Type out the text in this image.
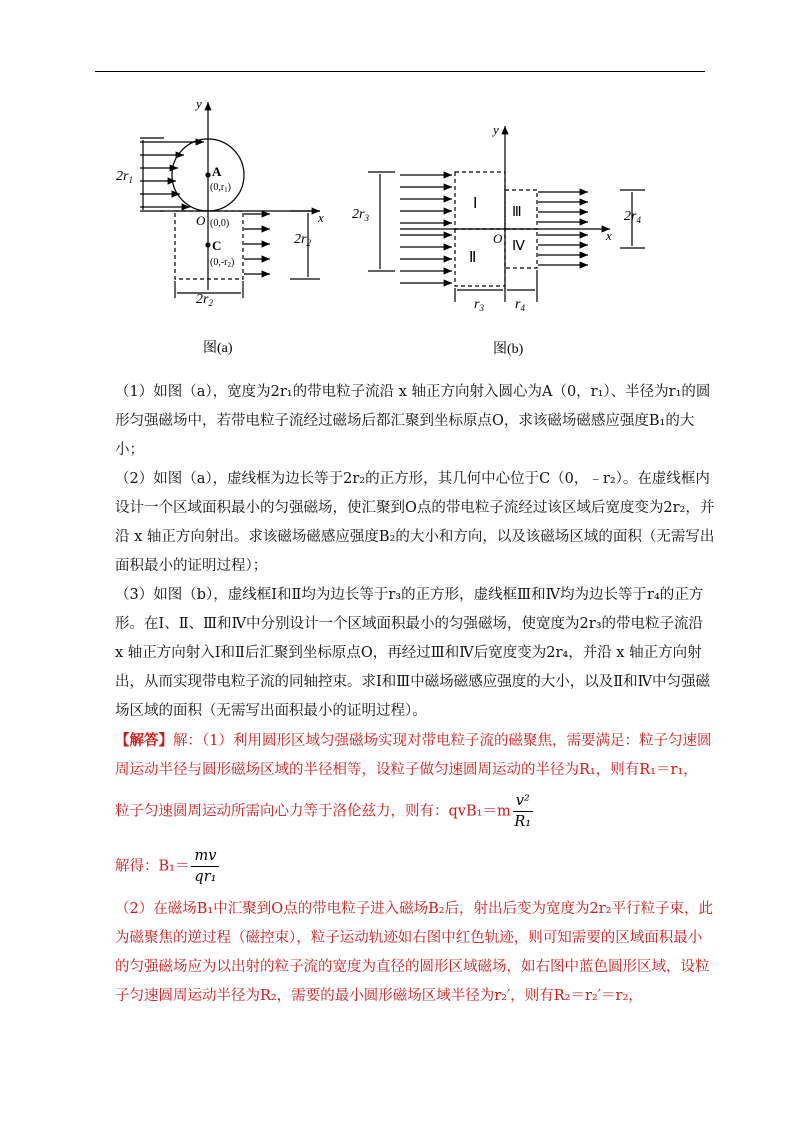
y
x
$2r_1$
A
$(0,r_1)$
O (0,0)
C
$(0,-r_2)$
$2r_2$
$2r_2$
图(a)
y
x
$2r_3$
Ⅰ
Ⅱ
Ⅲ
Ⅳ
O
$2r_4$
$r_3$ $r_4$
图(b)

（1）如图（a），宽度为2r₁的带电粒子流沿 x 轴正方向射入圆心为A（0，r₁）、半径为r₁的圆形匀强磁场中，若带电粒子流经过磁场后都汇聚到坐标原点O，求该磁场磁感应强度B₁的大小；

（2）如图（a），虚线框为边长等于2r₂的正方形，其几何中心位于C（0，﹣r₂）。在虚线框内设计一个区域面积最小的匀强磁场，使汇聚到O点的带电粒子流经过该区域后宽度变为2r₂，并沿 x 轴正方向射出。求该磁场磁感应强度B₂的大小和方向，以及该磁场区域的面积（无需写出面积最小的证明过程）；

（3）如图（b），虚线框Ⅰ和Ⅱ均为边长等于r₃的正方形，虚线框Ⅲ和Ⅳ均为边长等于r₄的正方形。在Ⅰ、Ⅱ、Ⅲ和Ⅳ中分别设计一个区域面积最小的匀强磁场，使宽度为2r₃的带电粒子流沿 x 轴正方向射入Ⅰ和Ⅱ后汇聚到坐标原点O，再经过Ⅲ和Ⅳ后宽度变为2r₄，并沿 x 轴正方向射出，从而实现带电粒子流的同轴控束。求Ⅰ和Ⅲ中磁场磁感应强度的大小，以及Ⅱ和Ⅳ中匀强磁场区域的面积（无需写出面积最小的证明过程）。

【解答】解：（1）利用圆形区域匀强磁场实现对带电粒子流的磁聚焦，需要满足：粒子匀速圆周运动半径与圆形磁场区域的半径相等，设粒子做匀速圆周运动的半径为R₁，则有R₁＝r₁，

粒子匀速圆周运动所需向心力等于洛伦兹力，则有：$qvB_1=m \frac{\text{v²}}{\text{R₁}}$

解得：$B_1= \frac{mv}{\text{qr₁}}$

（2）在磁场B₁中汇聚到O点的带电粒子进入磁场B₂后，射出后变为宽度为2r₂平行粒子束，此为磁聚焦的逆过程（磁控束），粒子运动轨迹如右图中红色轨迹，则可知需要的区域面积最小的匀强磁场应为以出射的粒子流的宽度为直径的圆形区域磁场，如右图中蓝色圆形区域，设粒子匀速圆周运动半径为R₂，需要的最小圆形磁场区域半径为r₂′，则有R₂＝r₂′＝r₂，
